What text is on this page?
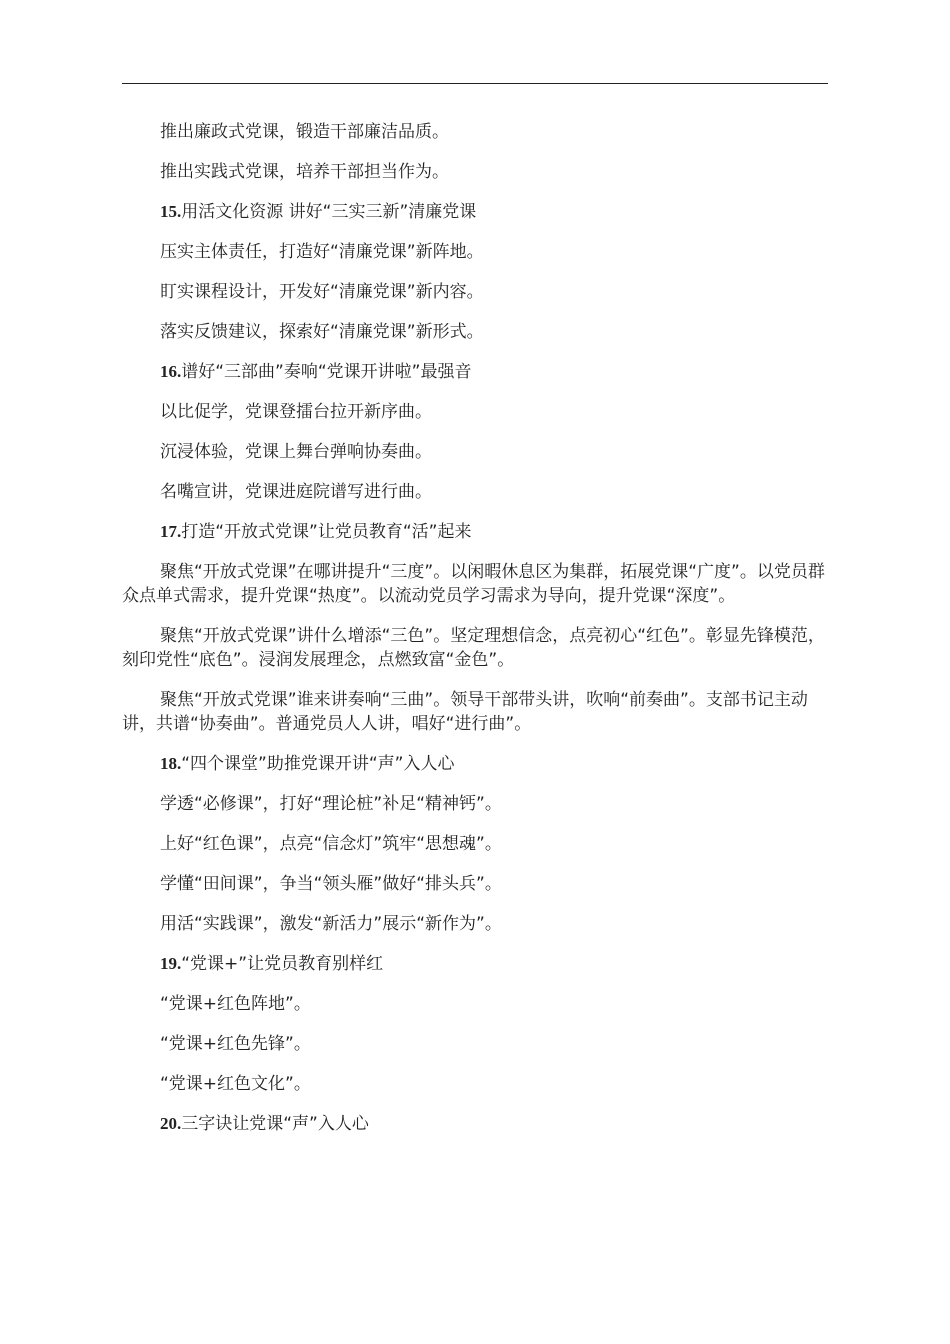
推出廉政式党课，锻造干部廉洁品质。

推出实践式党课，培养干部担当作为。

15.用活文化资源 讲好“三实三新”清廉党课

压实主体责任，打造好“清廉党课”新阵地。

盯实课程设计，开发好“清廉党课”新内容。

落实反馈建议，探索好“清廉党课”新形式。

16.谱好“三部曲”奏响“党课开讲啦”最强音

以比促学，党课登擂台拉开新序曲。

沉浸体验，党课上舞台弹响协奏曲。

名嘴宣讲，党课进庭院谱写进行曲。

17.打造“开放式党课”让党员教育“活”起来

聚焦“开放式党课”在哪讲提升“三度”。以闲暇休息区为集群，拓展党课“广度”。以党员群众点单式需求，提升党课“热度”。以流动党员学习需求为导向，提升党课“深度”。

聚焦“开放式党课”讲什么增添“三色”。坚定理想信念，点亮初心“红色”。彰显先锋模范，刻印党性“底色”。浸润发展理念，点燃致富“金色”。

聚焦“开放式党课”谁来讲奏响“三曲”。领导干部带头讲，吹响“前奏曲”。支部书记主动讲，共谱“协奏曲”。普通党员人人讲，唱好“进行曲”。

18.“四个课堂”助推党课开讲“声”入人心

学透“必修课”，打好“理论桩”补足“精神钙”。

上好“红色课”，点亮“信念灯”筑牢“思想魂”。

学懂“田间课”，争当“领头雁”做好“排头兵”。

用活“实践课”，激发“新活力”展示“新作为”。

19.“党课+”让党员教育别样红

“党课+红色阵地”。

“党课+红色先锋”。

“党课+红色文化”。

20.三字诀让党课“声”入人心
